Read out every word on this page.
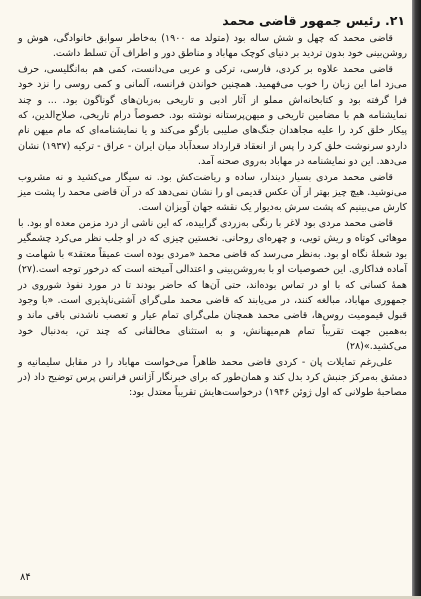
۲۱. رئیس جمهور قاضی محمد

قاضی محمد که چهل و شش ساله بود (متولد مه ۱۹۰۰) به‌خاطر سوابق خانوادگی، هوش و روشن‌بینی خود بدون تردید بر دنیای کوچک مهاباد و مناطق دور و اطراف آن تسلط داشت.

قاضی محمد علاوه بر کردی، فارسی، ترکی و عربی می‌دانست، کمی هم به‌انگلیسی، حرف می‌زد اما این زبان را خوب می‌فهمید. همچنین خواندن فرانسه، آلمانی و کمی روسی را نزد خود فرا گرفته بود و کتابخانه‌اش مملو از آثار ادبی و تاریخی به‌زبان‌های گوناگون بود. ... و چند نمایشنامه هم با مضامین تاریخی و میهن‌پرستانه نوشته بود. خصوصاً درام تاریخی، صلاح‌الدین، که پیکار خلق کرد را علیه مجاهدان جنگ‌های صلیبی بازگو می‌کند و یا نمایشنامه‌ای که مام میهن نام داردو سرنوشت خلق کرد را پس از انعقاد قرارداد سعدآباد میان ایران - عراق - ترکیه (۱۹۳۷) نشان می‌دهد. این دو نمایشنامه در مهاباد به‌روی صحنه آمد.

قاضی محمد مردی بسیار دیندار، ساده و ریاضت‌کش بود. نه سیگار می‌کشید و نه مشروب می‌نوشید. هیچ چیز بهتر از آن عکس قدیمی او را نشان نمی‌دهد که در آن قاضی محمد را پشت میز کارش می‌بینیم که پشت سرش به‌دیوار یک نقشه جهان آویزان است.

قاضی محمد مردی بود لاغر با رنگی به‌زردی گراییده، که این ناشی از درد مزمن معده او بود. با موهائی کوتاه و ریش تویی، و چهره‌ای روحانی. نخستین چیزی که در او جلب‌ نظر می‌کرد چشمگیر بود شعلهٔ نگاه او بود. به‌نظر می‌رسد که قاضی محمد «مردی بوده است عمیقاً معتقد» با شهامت و آماده فداکاری. این خصوصیات او با به‌روشن‌بینی و اعتدالی آمیخته است که درخور توجه است.(۲۷) همهٔ کسانی که با او در تماس بوده‌اند، حتی آن‌ها که حاضر بودند تا در مورد نفوذ شوروی در جمهوری مهاباد، مبالغه کنند، در می‌یابند که قاضی محمد ملی‌گرای آشتی‌ناپذیری است. «با وجود قبول قیمومیت روس‌ها، قاضی محمد همچنان ملی‌گرای تمام عیار و تعصب ناشدنی باقی ماند و به‌همین جهت تقریباً تمام هم‌میهنانش، و به استثنای مخالفانی که چند تن، به‌دنبال خود می‌کشید.»(۲۸)

علی‌رغم تمایلات پان - کردی قاضی محمد ظاهراً می‌خواست مهاباد را در مقابل سلیمانیه و دمشق به‌مرکز جنبش کرد بدل کند و همان‌طور که برای خبرنگار آژانس فرانس پرس توضیح داد (در مصاحبهٔ طولانی که اول ژوئن ۱۹۴۶) درخواست‌هایش تقریباً معتدل بود:

۸۴
